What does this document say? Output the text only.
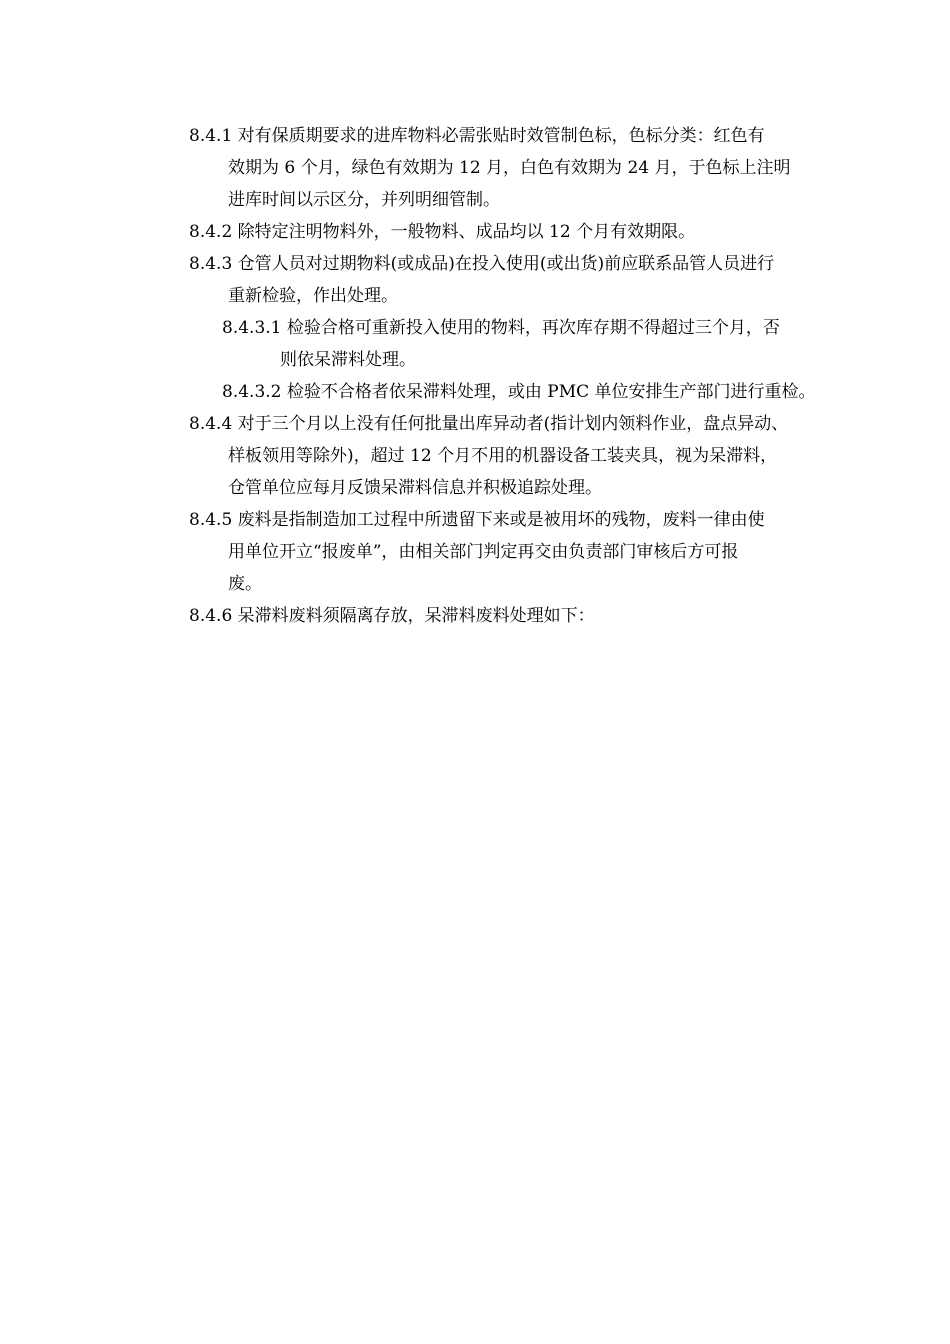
8.4.1 对有保质期要求的进库物料必需张贴时效管制色标，色标分类：红色有
效期为 6 个月，绿色有效期为 12 月，白色有效期为 24 月，于色标上注明
进库时间以示区分，并列明细管制。
8.4.2 除特定注明物料外，一般物料、成品均以 12 个月有效期限。
8.4.3 仓管人员对过期物料(或成品)在投入使用(或出货)前应联系品管人员进行
重新检验，作出处理。
8.4.3.1 检验合格可重新投入使用的物料，再次库存期不得超过三个月，否
则依呆滞料处理。
8.4.3.2 检验不合格者依呆滞料处理，或由 PMC 单位安排生产部门进行重检。
8.4.4 对于三个月以上没有任何批量出库异动者(指计划内领料作业，盘点异动、
样板领用等除外)，超过 12 个月不用的机器设备工装夹具，视为呆滞料，
仓管单位应每月反馈呆滞料信息并积极追踪处理。
8.4.5 废料是指制造加工过程中所遗留下来或是被用坏的残物，废料一律由使
用单位开立“报废单”，由相关部门判定再交由负责部门审核后方可报
废。
8.4.6 呆滞料废料须隔离存放，呆滞料废料处理如下：
